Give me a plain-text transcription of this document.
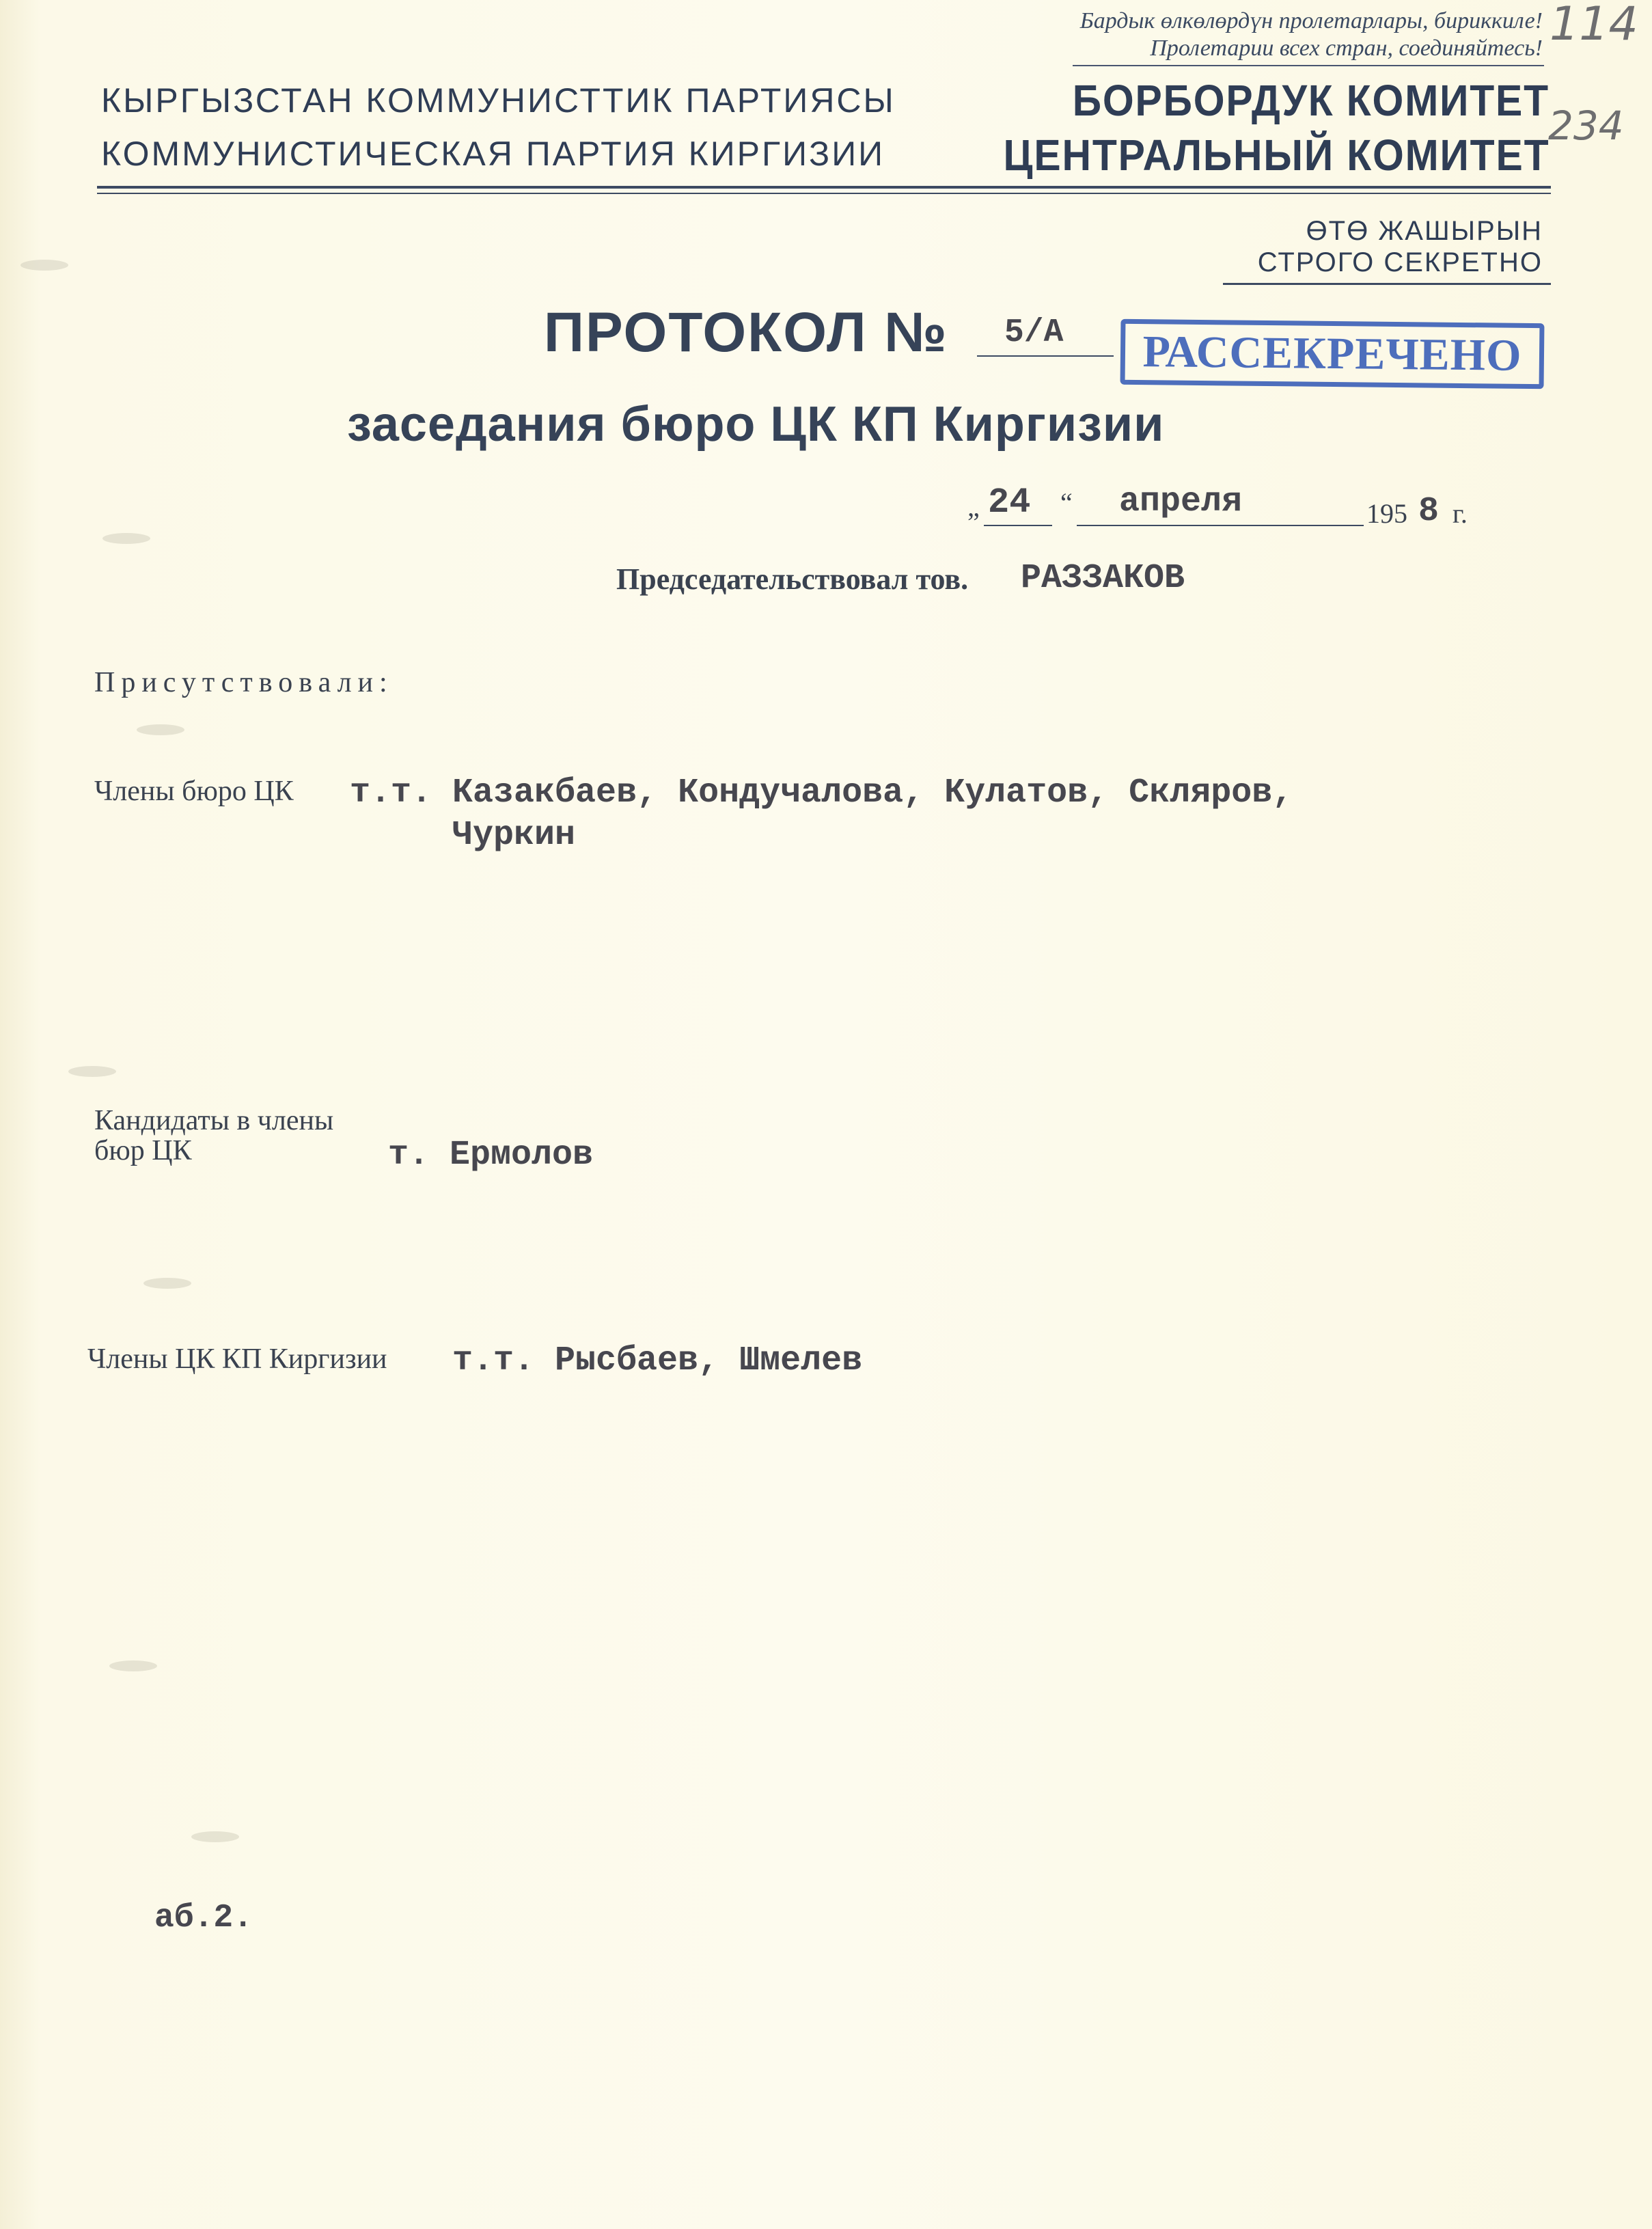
Бардык өлкөлөрдүн пролетарлары, бириккиле!
Пролетарии всех стран, соединяйтесь! 114
234
КЫРГЫЗСТАН КОММУНИСТТИК ПАРТИЯСЫ
КОММУНИСТИЧЕСКАЯ ПАРТИЯ КИРГИЗИИ
БОРБОРДУК КОМИТЕТ
ЦЕНТРАЛЬНЫЙ КОМИТЕТ
ӨТӨ ЖАШЫРЫН
СТРОГО СЕКРЕТНО
ПРОТОКОЛ № 5/А	РАССЕКРЕЧЕНО
заседания бюро ЦК КП Киргизии
„ 24 “ апреля	195 8 г.
Председательствовал тов. РАЗЗАКОВ
Присутствовали:
Члены бюро ЦК т.т. Казакбаев, Кондучалова, Кулатов, Скляров,
Чуркин
Кандидаты в члены
бюр ЦК	т. Ермолов
Члены ЦК КП Киргизии т.т. Рысбаев, Шмелев
аб.2.
